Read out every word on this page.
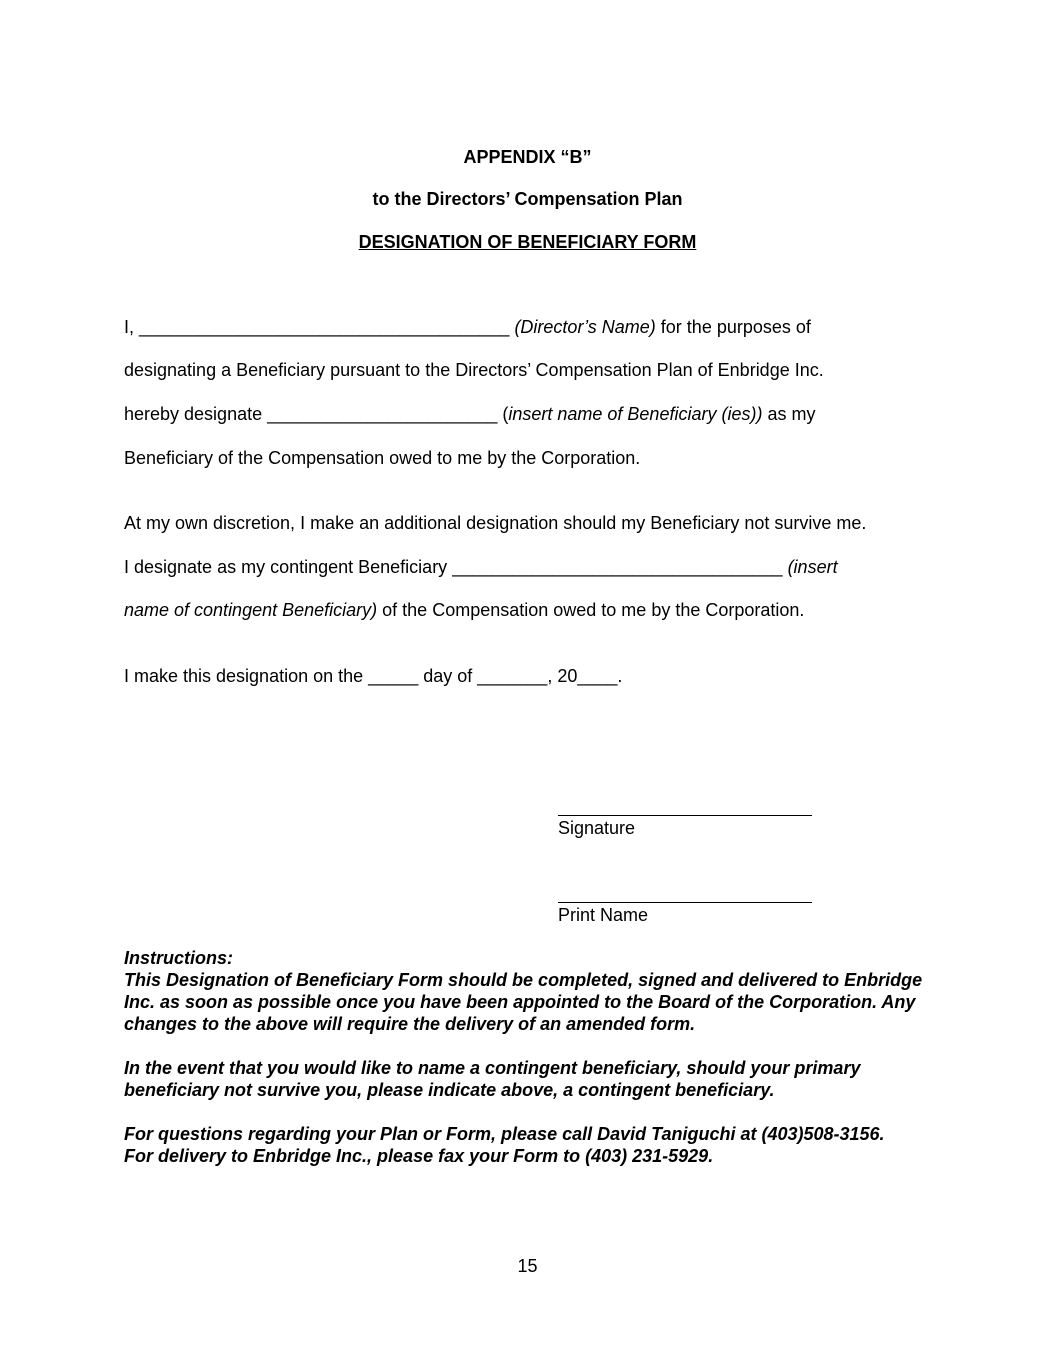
APPENDIX “B”
to the Directors’ Compensation Plan
DESIGNATION OF BENEFICIARY FORM
I, _____________________________________ (Director’s Name) for the purposes of
designating a Beneficiary pursuant to the Directors’ Compensation Plan of Enbridge Inc.
hereby designate _______________________ (insert name of Beneficiary (ies)) as my
Beneficiary of the Compensation owed to me by the Corporation.
At my own discretion, I make an additional designation should my Beneficiary not survive me.
I designate as my contingent Beneficiary _________________________________ (insert
name of contingent Beneficiary) of the Compensation owed to me by the Corporation.
I make this designation on the _____ day of _______, 20____.
Signature
Print Name

Instructions:

This Designation of Beneficiary Form should be completed, signed and delivered to Enbridge Inc. as soon as possible once you have been appointed to the Board of the Corporation. Any changes to the above will require the delivery of an amended form.

In the event that you would like to name a contingent beneficiary, should your primary beneficiary not survive you, please indicate above, a contingent beneficiary.

For questions regarding your Plan or Form, please call David Taniguchi at (403)508-3156.

For delivery to Enbridge Inc., please fax your Form to (403) 231-5929.

15
